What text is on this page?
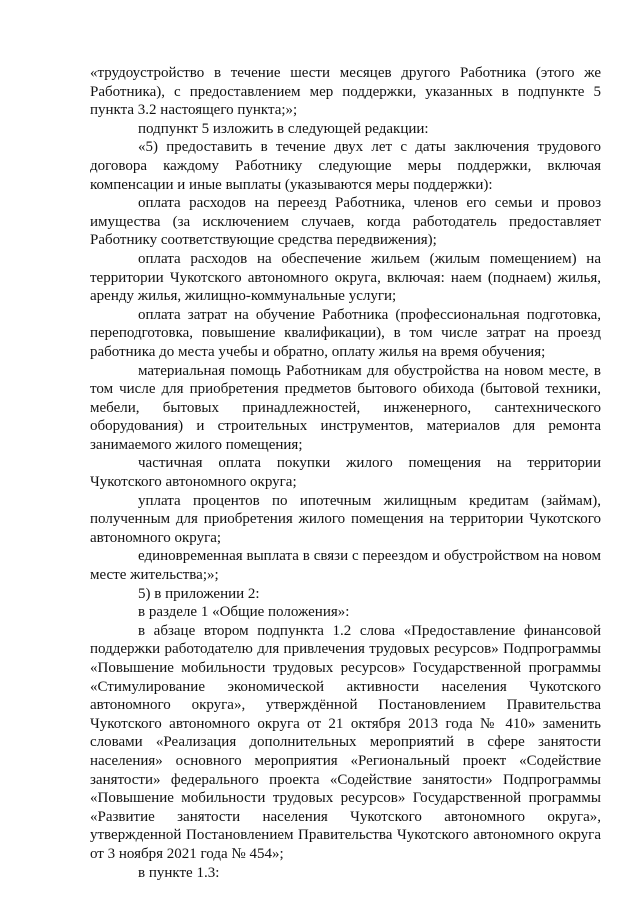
«трудоустройство в течение шести месяцев другого Работника (этого же Работника), с предоставлением мер поддержки, указанных в подпункте 5 пункта 3.2 настоящего пункта;»;

подпункт 5 изложить в следующей редакции:

«5) предоставить в течение двух лет с даты заключения трудового договора каждому Работнику следующие меры поддержки, включая компенсации и иные выплаты (указываются меры поддержки):

оплата расходов на переезд Работника, членов его семьи и провоз имущества (за исключением случаев, когда работодатель предоставляет Работнику соответствующие средства передвижения);

оплата расходов на обеспечение жильем (жилым помещением) на территории Чукотского автономного округа, включая: наем (поднаем) жилья, аренду жилья, жилищно-коммунальные услуги;

оплата затрат на обучение Работника (профессиональная подготовка, переподготовка, повышение квалификации), в том числе затрат на проезд работника до места учебы и обратно, оплату жилья на время обучения;

материальная помощь Работникам для обустройства на новом месте, в том числе для приобретения предметов бытового обихода (бытовой техники, мебели, бытовых принадлежностей, инженерного, сантехнического оборудования) и строительных инструментов, материалов для ремонта занимаемого жилого помещения;

частичная оплата покупки жилого помещения на территории Чукотского автономного округа;

уплата процентов по ипотечным жилищным кредитам (займам), полученным для приобретения жилого помещения на территории Чукотского автономного округа;

единовременная выплата в связи с переездом и обустройством на новом месте жительства;»;

5) в приложении 2:

в разделе 1 «Общие положения»:

в абзаце втором подпункта 1.2 слова «Предоставление финансовой поддержки работодателю для привлечения трудовых ресурсов» Подпрограммы «Повышение мобильности трудовых ресурсов» Государственной программы «Стимулирование экономической активности населения Чукотского автономного округа», утверждённой Постановлением Правительства Чукотского автономного округа от 21 октября 2013 года № 410» заменить словами «Реализация дополнительных мероприятий в сфере занятости населения» основного мероприятия «Региональный проект «Содействие занятости» федерального проекта «Содействие занятости» Подпрограммы «Повышение мобильности трудовых ресурсов» Государственной программы «Развитие занятости населения Чукотского автономного округа», утвержденной Постановлением Правительства Чукотского автономного округа от 3 ноября 2021 года № 454»;

в пункте 1.3:
